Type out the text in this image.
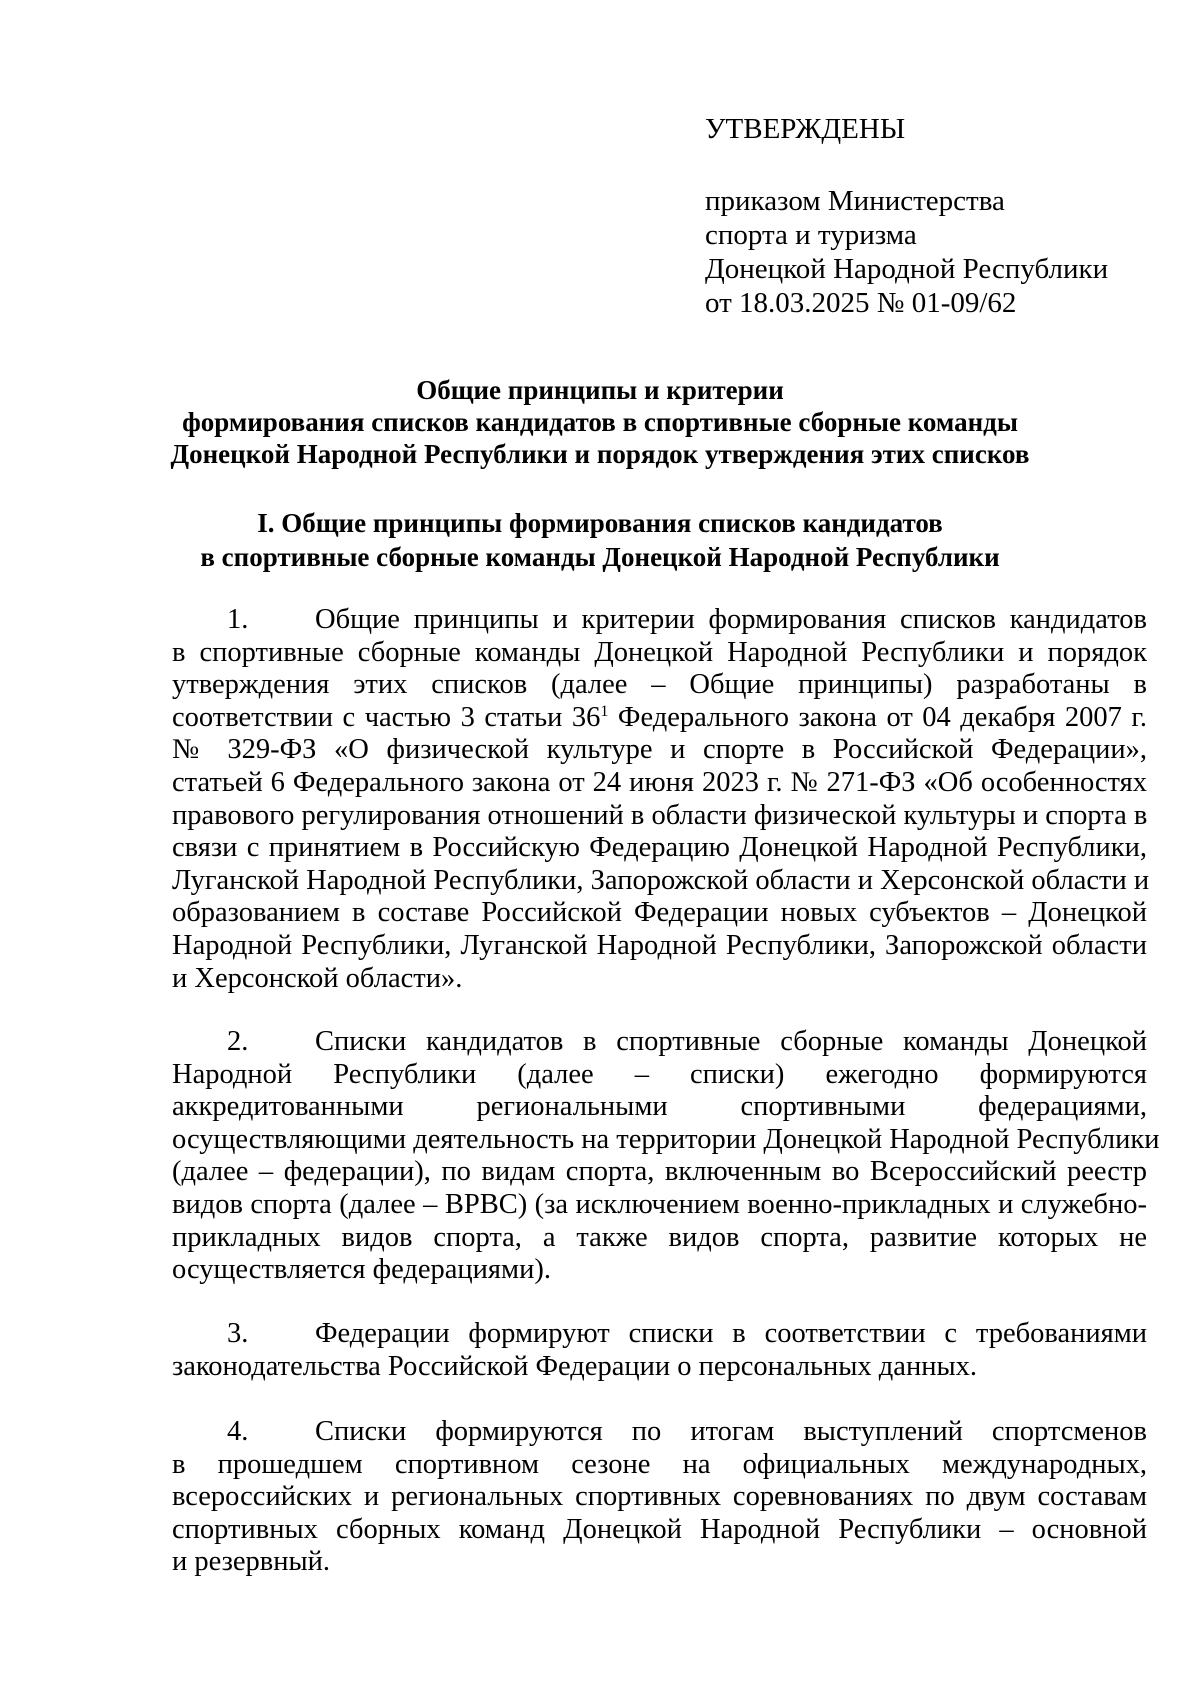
УТВЕРЖДЕНЫ
приказом Министерства
спорта и туризма
Донецкой Народной Республики
от 18.03.2025 № 01-09/62
Общие принципы и критерии
формирования списков кандидатов в спортивные сборные команды
Донецкой Народной Республики и порядок утверждения этих списков
I. Общие принципы формирования списков кандидатов
в спортивные сборные команды Донецкой Народной Республики
1. Общие принципы и критерии формирования списков кандидатов
в спортивные сборные команды Донецкой Народной Республики и порядок
утверждения этих списков (далее – Общие принципы) разработаны в
соответствии с частью 3 статьи $36^1$ Федерального закона от 04 декабря 2007 г.
№ 329-ФЗ «О физической культуре и спорте в Российской Федерации»,
статьей 6 Федерального закона от 24 июня 2023 г. № 271-ФЗ «Об особенностях
правового регулирования отношений в области физической культуры и спорта в
связи с принятием в Российскую Федерацию Донецкой Народной Республики,
Луганской Народной Республики, Запорожской области и Херсонской области и
образованием в составе Российской Федерации новых субъектов – Донецкой
Народной Республики, Луганской Народной Республики, Запорожской области
и Херсонской области».
2. Списки кандидатов в спортивные сборные команды Донецкой
Народной Республики (далее – списки) ежегодно формируются
аккредитованными региональными спортивными федерациями,
осуществляющими деятельность на территории Донецкой Народной Республики
(далее – федерации), по видам спорта, включенным во Всероссийский реестр
видов спорта (далее – ВРВС) (за исключением военно-прикладных и служебно-
прикладных видов спорта, а также видов спорта, развитие которых не
осуществляется федерациями).
3. Федерации формируют списки в соответствии с требованиями
законодательства Российской Федерации о персональных данных.
4. Списки формируются по итогам выступлений спортсменов
в прошедшем спортивном сезоне на официальных международных,
всероссийских и региональных спортивных соревнованиях по двум составам
спортивных сборных команд Донецкой Народной Республики – основной
и резервный.
